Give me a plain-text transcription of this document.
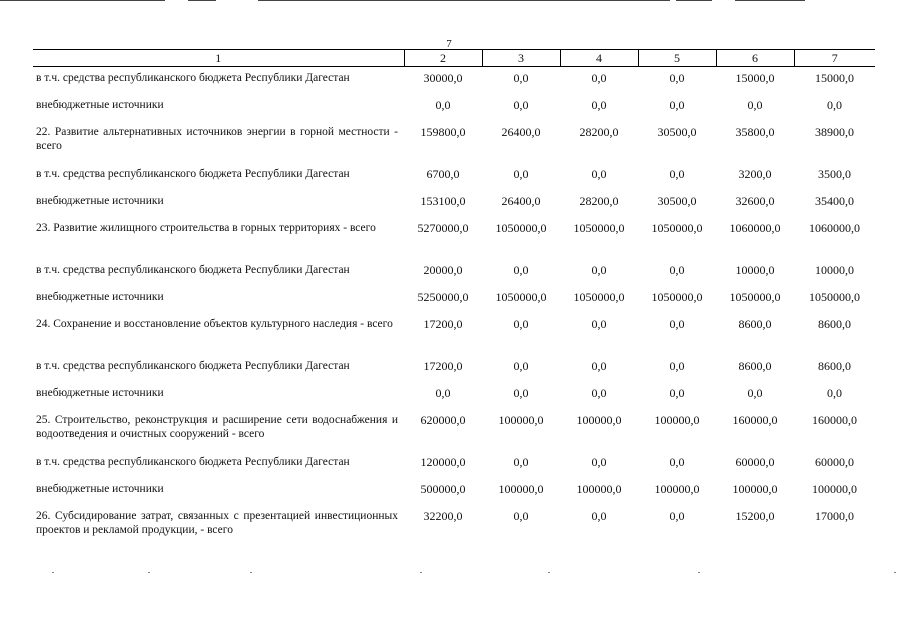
7
1	2	3	4	5	6	7
в т.ч. средства республиканского бюджета Республики Дагестан	30000,0	0,0	0,0	0,0	15000,0	15000,0
внебюджетные источники	0,0	0,0	0,0	0,0	0,0	0,0
22. Развитие альтернативных источников энергии в горной местности - всего	159800,0	26400,0	28200,0	30500,0	35800,0	38900,0
в т.ч. средства республиканского бюджета Республики Дагестан	6700,0	0,0	0,0	0,0	3200,0	3500,0
внебюджетные источники	153100,0	26400,0	28200,0	30500,0	32600,0	35400,0
23. Развитие жилищного строительства в горных территориях - всего	5270000,0	1050000,0	1050000,0	1050000,0	1060000,0	1060000,0
в т.ч. средства республиканского бюджета Республики Дагестан	20000,0	0,0	0,0	0,0	10000,0	10000,0
внебюджетные источники	5250000,0	1050000,0	1050000,0	1050000,0	1050000,0	1050000,0
24. Сохранение и восстановление объектов культурного наследия - всего	17200,0	0,0	0,0	0,0	8600,0	8600,0
в т.ч. средства республиканского бюджета Республики Дагестан	17200,0	0,0	0,0	0,0	8600,0	8600,0
внебюджетные источники	0,0	0,0	0,0	0,0	0,0	0,0
25. Строительство, реконструкция и расширение сети водоснабжения и водоотведения и очистных сооружений - всего	620000,0	100000,0	100000,0	100000,0	160000,0	160000,0
в т.ч. средства республиканского бюджета Республики Дагестан	120000,0	0,0	0,0	0,0	60000,0	60000,0
внебюджетные источники	500000,0	100000,0	100000,0	100000,0	100000,0	100000,0
26. Субсидирование затрат, связанных с презентацией инвестиционных проектов и рекламой продукции, - всего	32200,0	0,0	0,0	0,0	15200,0	17000,0
